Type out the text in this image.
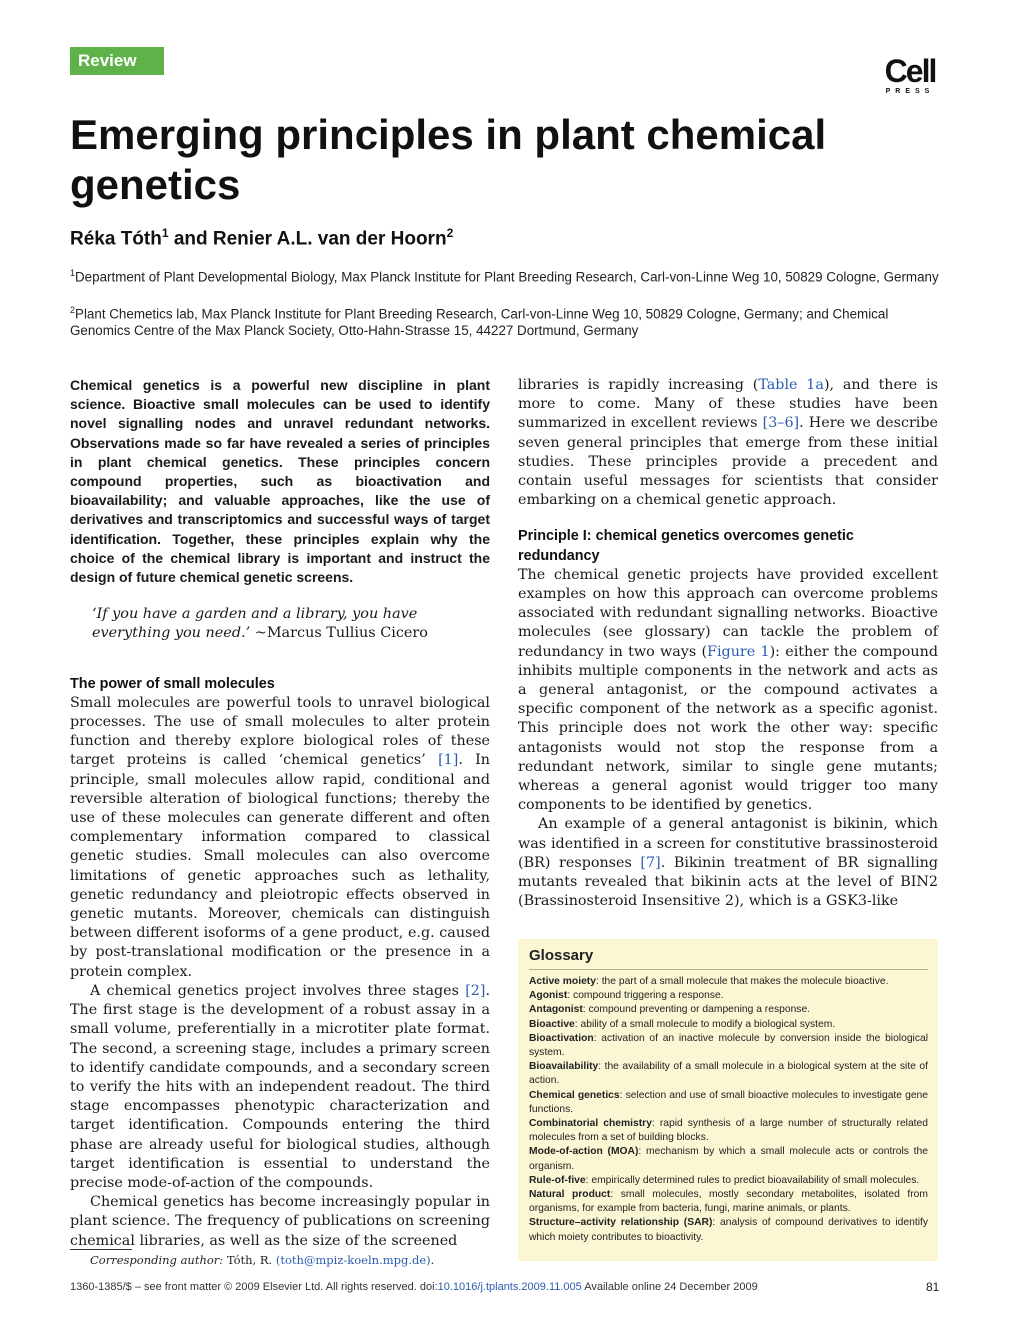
Review	Cell
PRESS
Emerging principles in plant chemical genetics
Réka Tóth$^1$ and Renier A.L. van der Hoorn$^2$
$^1$Department of Plant Developmental Biology, Max Planck Institute for Plant Breeding Research, Carl-von-Linne Weg 10, 50829 Cologne, Germany
$^2$Plant Chemetics lab, Max Planck Institute for Plant Breeding Research, Carl-von-Linne Weg 10, 50829 Cologne, Germany; and Chemical Genomics Centre of the Max Planck Society, Otto-Hahn-Strasse 15, 44227 Dortmund, Germany

Chemical genetics is a powerful new discipline in plant science. Bioactive small molecules can be used to identify novel signalling nodes and unravel redundant networks. Observations made so far have revealed a series of principles in plant chemical genetics. These principles concern compound properties, such as bioactivation and bioavailability; and valuable approaches, like the use of derivatives and transcriptomics and successful ways of target identification. Together, these principles explain why the choice of the chemical library is important and instruct the design of future chemical genetic screens.

‘If you have a garden and a library, you have everything you need.’ ~Marcus Tullius Cicero

The power of small molecules

Small molecules are powerful tools to unravel biological processes. The use of small molecules to alter protein function and thereby explore biological roles of these target proteins is called ‘chemical genetics’ [1]. In principle, small molecules allow rapid, conditional and reversible alteration of biological functions; thereby the use of these molecules can generate different and often complementary information compared to classical genetic studies. Small molecules can also overcome limitations of genetic approaches such as lethality, genetic redundancy and pleiotropic effects observed in genetic mutants. Moreover, chemicals can distinguish between different isoforms of a gene product, e.g. caused by post-translational modification or the presence in a protein complex.

A chemical genetics project involves three stages [2]. The first stage is the development of a robust assay in a small volume, preferentially in a microtiter plate format. The second, a screening stage, includes a primary screen to identify candidate compounds, and a secondary screen to verify the hits with an independent readout. The third stage encompasses phenotypic characterization and target identification. Compounds entering the third phase are already useful for biological studies, although target identification is essential to understand the precise mode-of-action of the compounds.

Chemical genetics has become increasingly popular in plant science. The frequency of publications on screening chemical libraries, as well as the size of the screened

libraries is rapidly increasing (Table 1a), and there is more to come. Many of these studies have been summarized in excellent reviews [3–6]. Here we describe seven general principles that emerge from these initial studies. These principles provide a precedent and contain useful messages for scientists that consider embarking on a chemical genetic approach.

Principle I: chemical genetics overcomes genetic redundancy

The chemical genetic projects have provided excellent examples on how this approach can overcome problems associated with redundant signalling networks. Bioactive molecules (see glossary) can tackle the problem of redundancy in two ways (Figure 1): either the compound inhibits multiple components in the network and acts as a general antagonist, or the compound activates a specific component of the network as a specific agonist. This principle does not work the other way: specific antagonists would not stop the response from a redundant network, similar to single gene mutants; whereas a general agonist would trigger too many components to be identified by genetics.

An example of a general antagonist is bikinin, which was identified in a screen for constitutive brassinosteroid (BR) responses [7]. Bikinin treatment of BR signalling mutants revealed that bikinin acts at the level of BIN2 (Brassinosteroid Insensitive 2), which is a GSK3-like

Glossary

Active moiety: the part of a small molecule that makes the molecule bioactive.

Agonist: compound triggering a response.

Antagonist: compound preventing or dampening a response.

Bioactive: ability of a small molecule to modify a biological system.

Bioactivation: activation of an inactive molecule by conversion inside the biological system.

Bioavailability: the availability of a small molecule in a biological system at the site of action.

Chemical genetics: selection and use of small bioactive molecules to investigate gene functions.

Combinatorial chemistry: rapid synthesis of a large number of structurally related molecules from a set of building blocks.

Mode-of-action (MOA): mechanism by which a small molecule acts or controls the organism.

Rule-of-five: empirically determined rules to predict bioavailability of small molecules.

Natural product: small molecules, mostly secondary metabolites, isolated from organisms, for example from bacteria, fungi, marine animals, or plants.

Structure–activity relationship (SAR): analysis of compound derivatives to identify which moiety contributes to bioactivity.

Corresponding author: Tóth, R. (toth@mpiz-koeln.mpg.de).
1360-1385/$ – see front matter © 2009 Elsevier Ltd. All rights reserved. doi:10.1016/j.tplants.2009.11.005 Available online 24 December 2009	81
